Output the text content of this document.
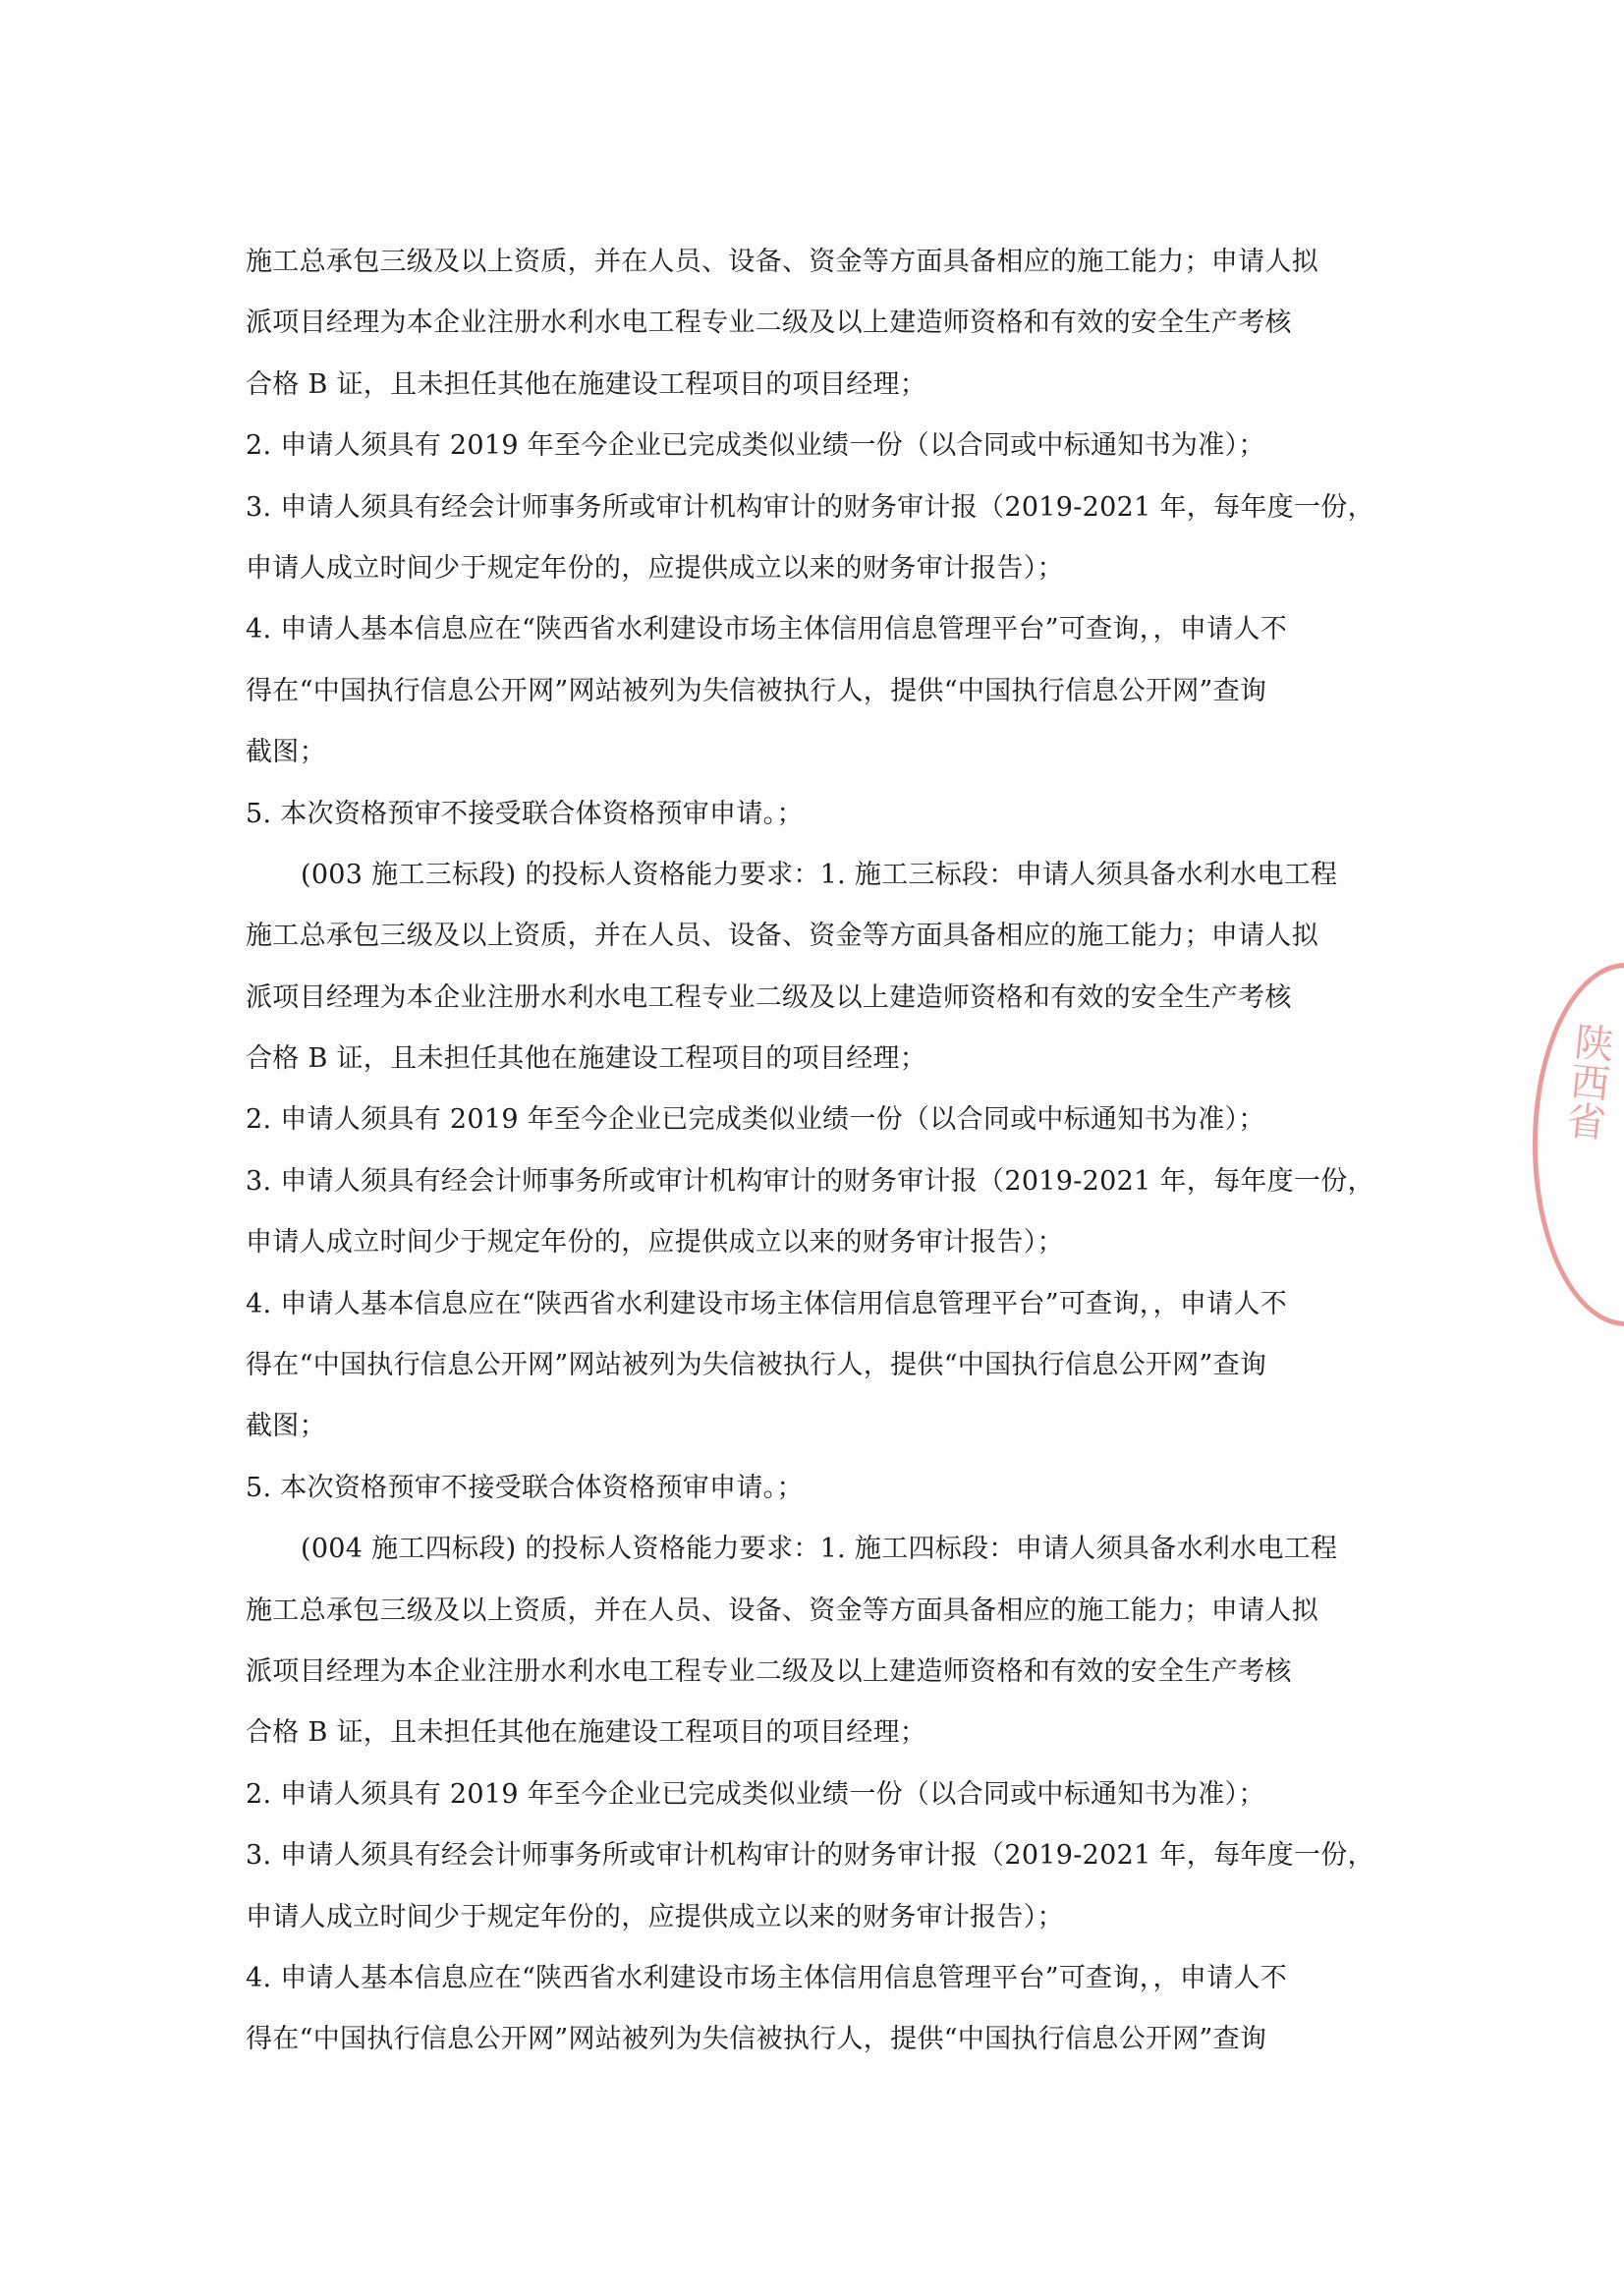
施工总承包三级及以上资质，并在人员、设备、资金等方面具备相应的施工能力；申请人拟
派项目经理为本企业注册水利水电工程专业二级及以上建造师资格和有效的安全生产考核
合格 B 证，且未担任其他在施建设工程项目的项目经理；
2. 申请人须具有 2019 年至今企业已完成类似业绩一份（以合同或中标通知书为准）；
3. 申请人须具有经会计师事务所或审计机构审计的财务审计报（2019-2021 年，每年度一份，
申请人成立时间少于规定年份的，应提供成立以来的财务审计报告）；
4. 申请人基本信息应在“陕西省水利建设市场主体信用信息管理平台”可查询，，申请人不
得在“中国执行信息公开网”网站被列为失信被执行人，提供“中国执行信息公开网”查询
截图；
5. 本次资格预审不接受联合体资格预审申请。；
(003 施工三标段) 的投标人资格能力要求：1. 施工三标段：申请人须具备水利水电工程
施工总承包三级及以上资质，并在人员、设备、资金等方面具备相应的施工能力；申请人拟
派项目经理为本企业注册水利水电工程专业二级及以上建造师资格和有效的安全生产考核
合格 B 证，且未担任其他在施建设工程项目的项目经理；
2. 申请人须具有 2019 年至今企业已完成类似业绩一份（以合同或中标通知书为准）；
3. 申请人须具有经会计师事务所或审计机构审计的财务审计报（2019-2021 年，每年度一份，
申请人成立时间少于规定年份的，应提供成立以来的财务审计报告）；
4. 申请人基本信息应在“陕西省水利建设市场主体信用信息管理平台”可查询，，申请人不
得在“中国执行信息公开网”网站被列为失信被执行人，提供“中国执行信息公开网”查询
截图；
5. 本次资格预审不接受联合体资格预审申请。；
(004 施工四标段) 的投标人资格能力要求：1. 施工四标段：申请人须具备水利水电工程
施工总承包三级及以上资质，并在人员、设备、资金等方面具备相应的施工能力；申请人拟
派项目经理为本企业注册水利水电工程专业二级及以上建造师资格和有效的安全生产考核
合格 B 证，且未担任其他在施建设工程项目的项目经理；
2. 申请人须具有 2019 年至今企业已完成类似业绩一份（以合同或中标通知书为准）；
3. 申请人须具有经会计师事务所或审计机构审计的财务审计报（2019-2021 年，每年度一份，
申请人成立时间少于规定年份的，应提供成立以来的财务审计报告）；
4. 申请人基本信息应在“陕西省水利建设市场主体信用信息管理平台”可查询，，申请人不
得在“中国执行信息公开网”网站被列为失信被执行人，提供“中国执行信息公开网”查询
陕西省
